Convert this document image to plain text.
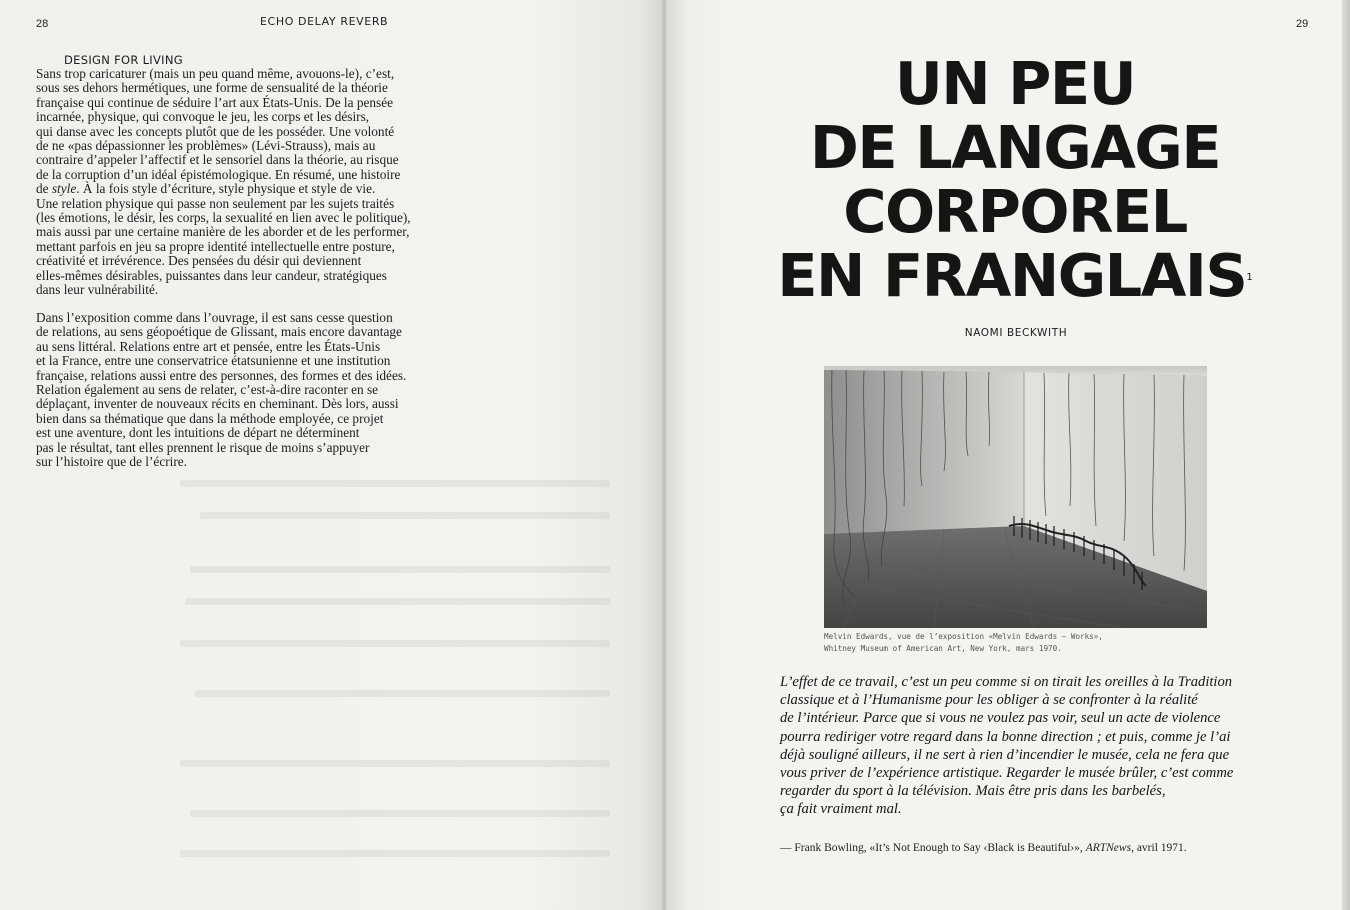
28	ECHO DELAY REVERB
DESIGN FOR LIVING
Sans trop caricaturer (mais un peu quand même, avouons-le), c’est,
sous ses dehors hermétiques, une forme de sensualité de la théorie
française qui continue de séduire l’art aux États-Unis. De la pensée
incarnée, physique, qui convoque le jeu, les corps et les désirs,
qui danse avec les concepts plutôt que de les posséder. Une volonté
de ne «pas dépassionner les problèmes» (Lévi-Strauss), mais au
contraire d’appeler l’affectif et le sensoriel dans la théorie, au risque
de la corruption d’un idéal épistémologique. En résumé, une histoire
de style. À la fois style d’écriture, style physique et style de vie.
Une relation physique qui passe non seulement par les sujets traités
(les émotions, le désir, les corps, la sexualité en lien avec le politique),
mais aussi par une certaine manière de les aborder et de les performer,
mettant parfois en jeu sa propre identité intellectuelle entre posture,
créativité et irrévérence. Des pensées du désir qui deviennent
elles-mêmes désirables, puissantes dans leur candeur, stratégiques
dans leur vulnérabilité.
Dans l’exposition comme dans l’ouvrage, il est sans cesse question
de relations, au sens géopoétique de Glissant, mais encore davantage
au sens littéral. Relations entre art et pensée, entre les États-Unis
et la France, entre une conservatrice étatsunienne et une institution
française, relations aussi entre des personnes, des formes et des idées.
Relation également au sens de relater, c’est-à-dire raconter en se
déplaçant, inventer de nouveaux récits en cheminant. Dès lors, aussi
bien dans sa thématique que dans la méthode employée, ce projet
est une aventure, dont les intuitions de départ ne déterminent
pas le résultat, tant elles prennent le risque de moins s’appuyer
sur l’histoire que de l’écrire.
29
UN PEU
DE LANGAGE
CORPOREL
EN FRANGLAIS$^1$
NAOMI BECKWITH
Melvin Edwards, vue de l’exposition «Melvin Edwards – Works»,
Whitney Museum of American Art, New York, mars 1970.
L’effet de ce travail, c’est un peu comme si on tirait les oreilles à la Tradition
classique et à l’Humanisme pour les obliger à se confronter à la réalité
de l’intérieur. Parce que si vous ne voulez pas voir, seul un acte de violence
pourra rediriger votre regard dans la bonne direction ; et puis, comme je l’ai
déjà souligné ailleurs, il ne sert à rien d’incendier le musée, cela ne fera que
vous priver de l’expérience artistique. Regarder le musée brûler, c’est comme
regarder du sport à la télévision. Mais être pris dans les barbelés,
ça fait vraiment mal.
— Frank Bowling, «It’s Not Enough to Say ‹Black is Beautiful›», ARTNews, avril 1971.
